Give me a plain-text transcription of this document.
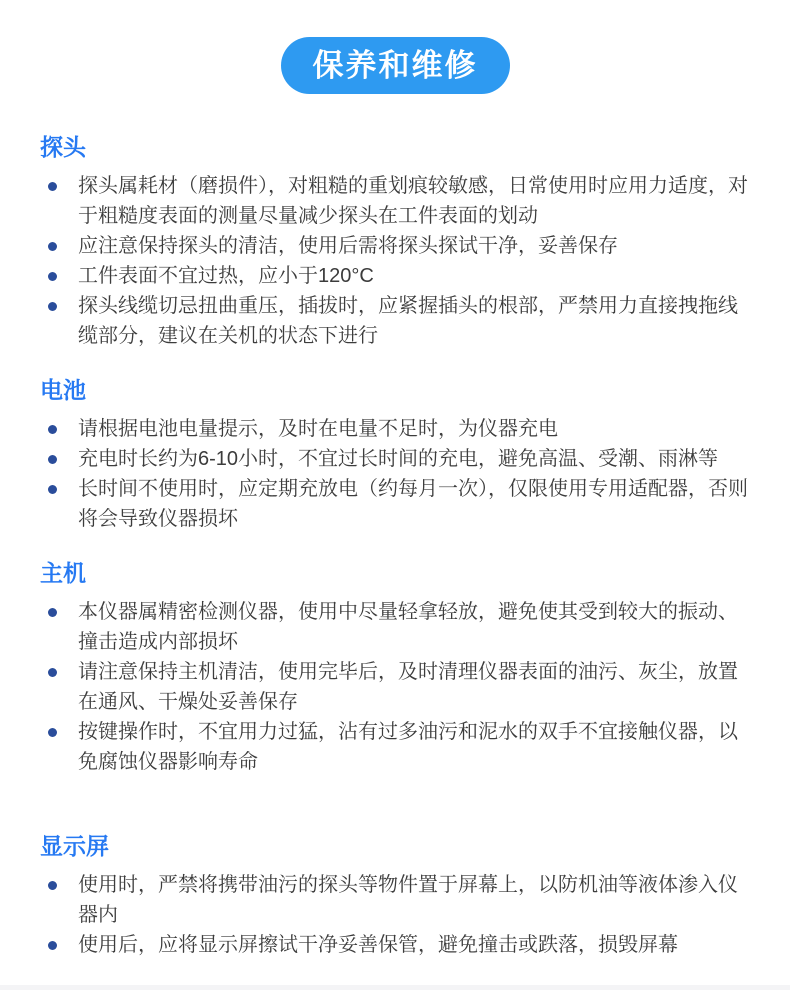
保养和维修
探头
探头属耗材（磨损件），对粗糙的重划痕较敏感，日常使用时应用力适度，对于粗糙度表面的测量尽量减少探头在工件表面的划动
应注意保持探头的清洁，使用后需将探头探试干净，妥善保存
工件表面不宜过热，应小于120°C
探头线缆切忌扭曲重压，插拔时，应紧握插头的根部，严禁用力直接拽拖线缆部分，建议在关机的状态下进行
电池
请根据电池电量提示，及时在电量不足时，为仪器充电
充电时长约为6-10小时，不宜过长时间的充电，避免高温、受潮、雨淋等
长时间不使用时，应定期充放电（约每月一次），仅限使用专用适配器，否则将会导致仪器损坏
主机
本仪器属精密检测仪器，使用中尽量轻拿轻放，避免使其受到较大的振动、撞击造成内部损坏
请注意保持主机清洁，使用完毕后，及时清理仪器表面的油污、灰尘，放置在通风、干燥处妥善保存
按键操作时，不宜用力过猛，沾有过多油污和泥水的双手不宜接触仪器，以免腐蚀仪器影响寿命
显示屏
使用时，严禁将携带油污的探头等物件置于屏幕上，以防机油等液体渗入仪器内
使用后，应将显示屏擦试干净妥善保管，避免撞击或跌落，损毁屏幕
